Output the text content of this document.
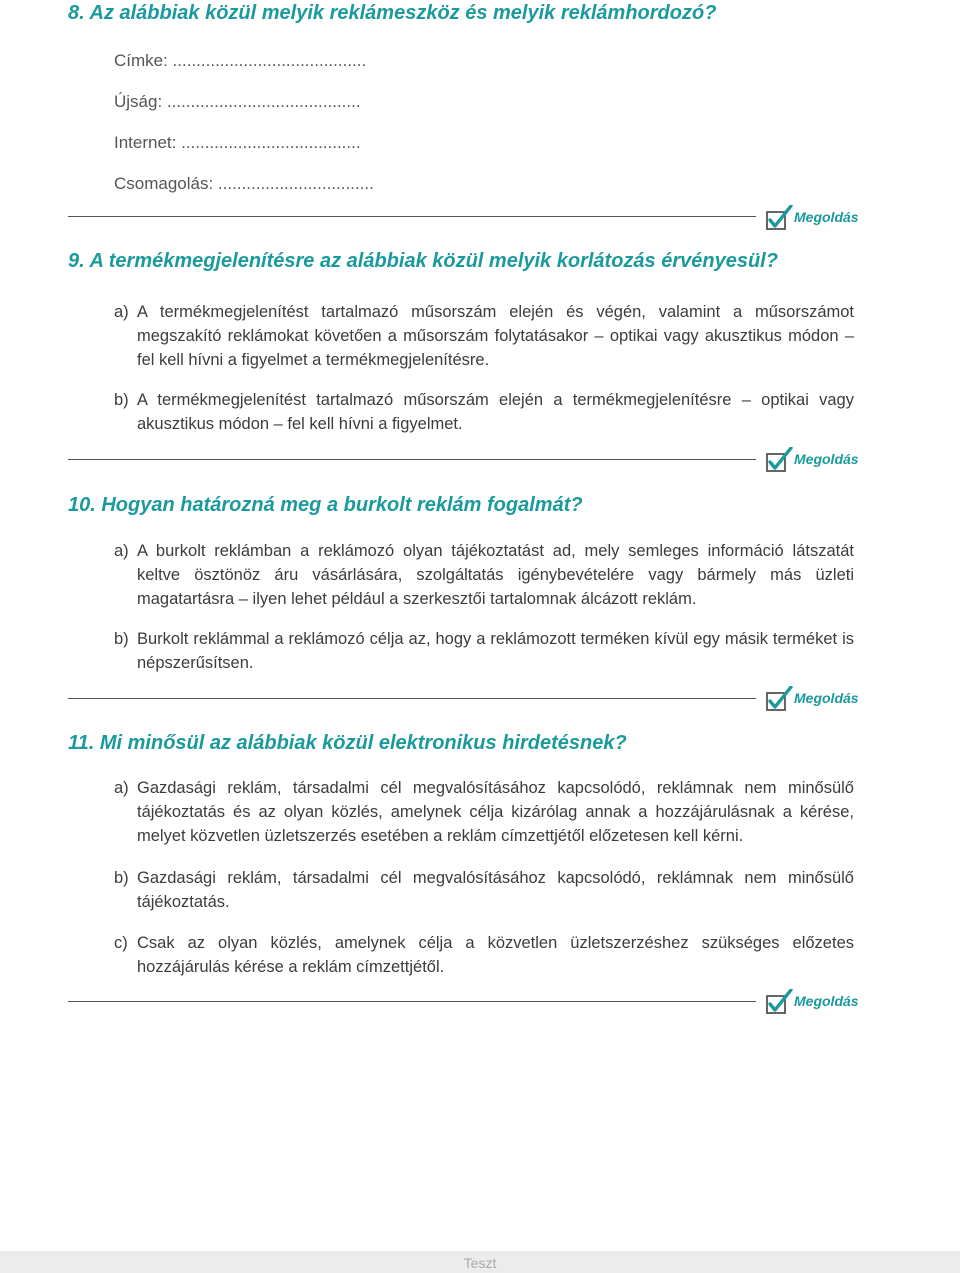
8. Az alábbiak közül melyik reklámeszköz és melyik reklámhordozó?
Címke: .........................................
Újság: .........................................
Internet: ......................................
Csomagolás: .................................
Megoldás
9. A termékmegjelenítésre az alábbiak közül melyik korlátozás érvényesül?
a) A termékmegjelenítést tartalmazó műsorszám elején és végén, valamint a műsorszámot megszakító reklámokat követően a műsorszám folytatásakor – optikai vagy akusztikus módon – fel kell hívni a figyelmet a termékmegjelenítésre.
b) A termékmegjelenítést tartalmazó műsorszám elején a termékmegjelenítésre – optikai vagy akusztikus módon – fel kell hívni a figyelmet.
Megoldás
10. Hogyan határozná meg a burkolt reklám fogalmát?
a) A burkolt reklámban a reklámozó olyan tájékoztatást ad, mely semleges információ látszatát keltve ösztönöz áru vásárlására, szolgáltatás igénybevételére vagy bármely más üzleti magatartásra – ilyen lehet például a szerkesztői tartalomnak álcázott reklám.
b) Burkolt reklámmal a reklámozó célja az, hogy a reklámozott terméken kívül egy másik terméket is népszerűsítsen.
Megoldás
11. Mi minősül az alábbiak közül elektronikus hirdetésnek?
a) Gazdasági reklám, társadalmi cél megvalósításához kapcsolódó, reklámnak nem minősülő tájékoztatás és az olyan közlés, amelynek célja kizárólag annak a hozzájárulásnak a kérése, melyet közvetlen üzletszerzés esetében a reklám címzettjétől előzetesen kell kérni.
b) Gazdasági reklám, társadalmi cél megvalósításához kapcsolódó, reklámnak nem minősülő tájékoztatás.
c) Csak az olyan közlés, amelynek célja a közvetlen üzletszerzéshez szükséges előzetes hozzájárulás kérése a reklám címzettjétől.
Megoldás
Teszt
